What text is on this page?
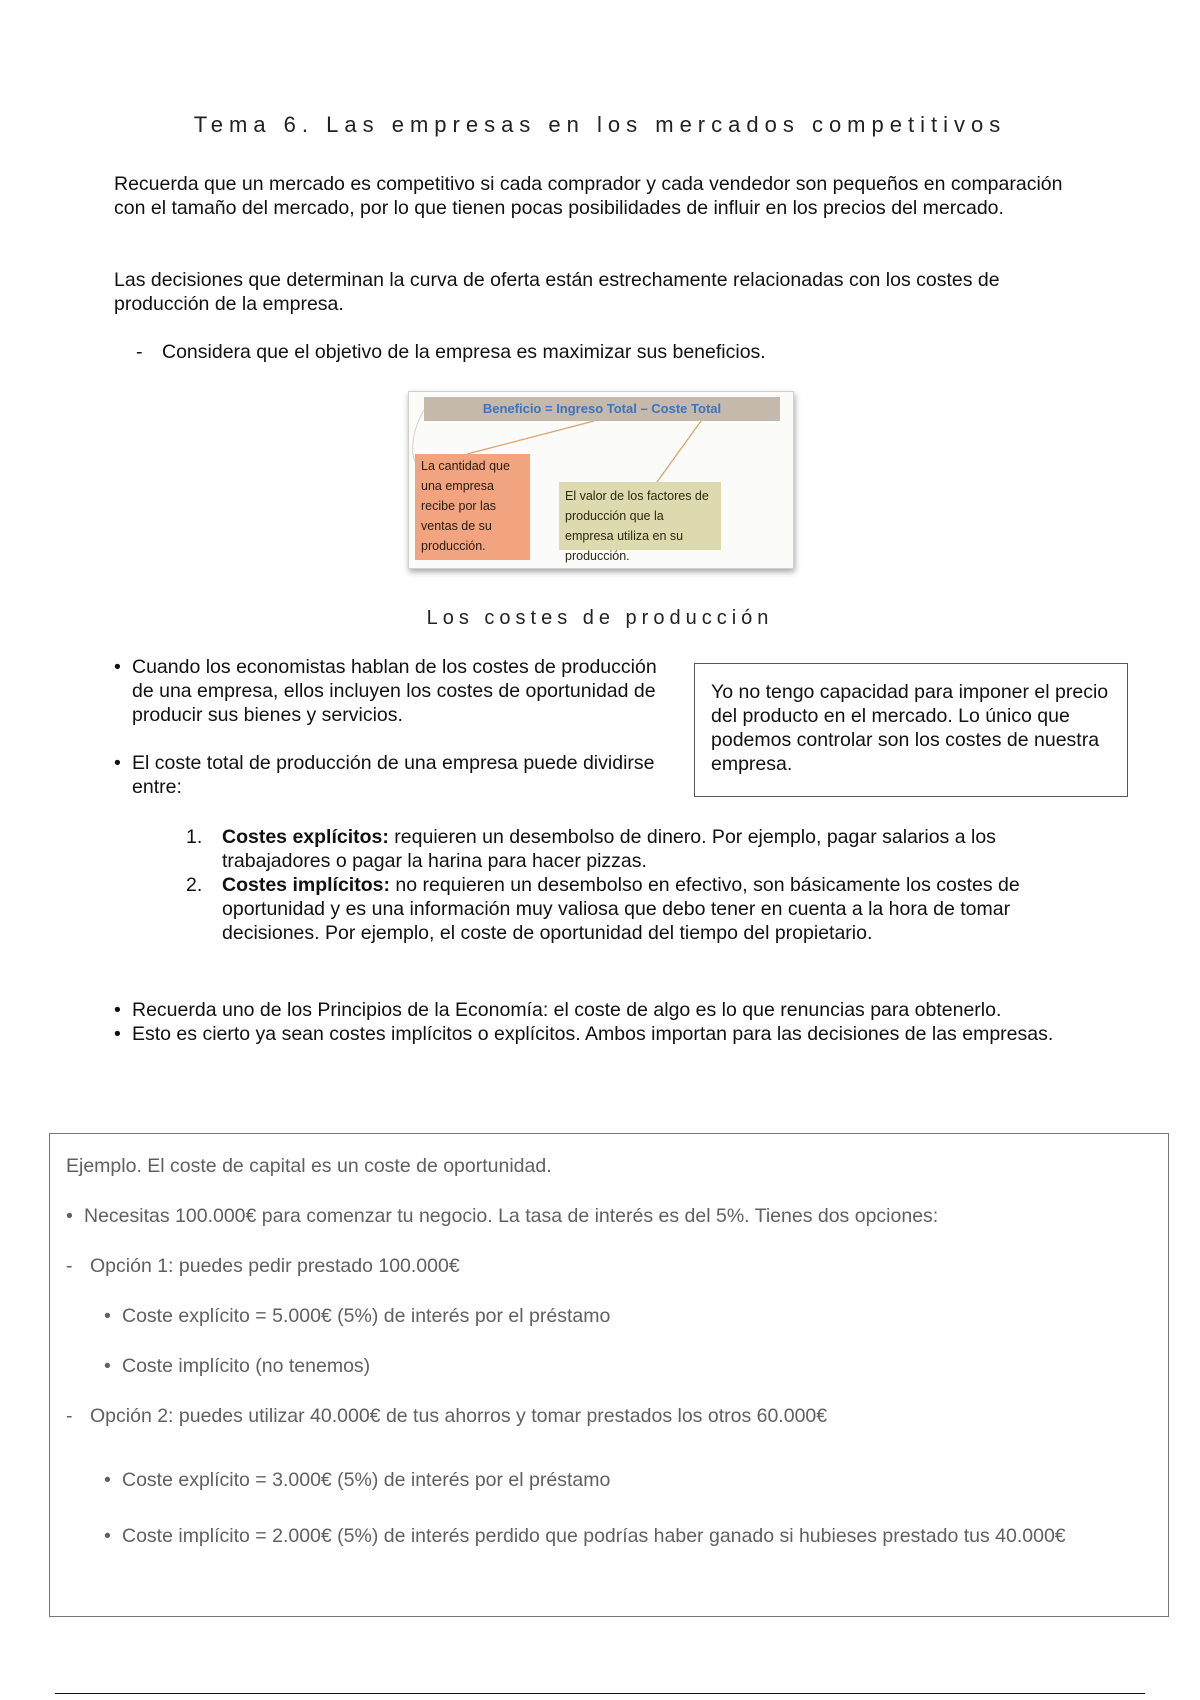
Tema 6. Las empresas en los mercados competitivos
Recuerda que un mercado es competitivo si cada comprador y cada vendedor son pequeños en comparación con el tamaño del mercado, por lo que tienen pocas posibilidades de influir en los precios del mercado.
Las decisiones que determinan la curva de oferta están estrechamente relacionadas con los costes de producción de la empresa.
- Considera que el objetivo de la empresa es maximizar sus beneficios.
Beneficio = Ingreso Total – Coste Total
La cantidad que una empresa recibe por las ventas de su producción.
El valor de los factores de producción que la empresa utiliza en su producción.
Los costes de producción
• Cuando los economistas hablan de los costes de producción de una empresa, ellos incluyen los costes de oportunidad de producir sus bienes y servicios.
• El coste total de producción de una empresa puede dividirse entre:
Yo no tengo capacidad para imponer el precio del producto en el mercado. Lo único que podemos controlar son los costes de nuestra empresa.
1. Costes explícitos: requieren un desembolso de dinero. Por ejemplo, pagar salarios a los trabajadores o pagar la harina para hacer pizzas.
2. Costes implícitos: no requieren un desembolso en efectivo, son básicamente los costes de oportunidad y es una información muy valiosa que debo tener en cuenta a la hora de tomar decisiones. Por ejemplo, el coste de oportunidad del tiempo del propietario.
• Recuerda uno de los Principios de la Economía: el coste de algo es lo que renuncias para obtenerlo.
• Esto es cierto ya sean costes implícitos o explícitos. Ambos importan para las decisiones de las empresas.
Ejemplo. El coste de capital es un coste de oportunidad.
• Necesitas 100.000€ para comenzar tu negocio. La tasa de interés es del 5%. Tienes dos opciones:
- Opción 1: puedes pedir prestado 100.000€
• Coste explícito = 5.000€ (5%) de interés por el préstamo
• Coste implícito (no tenemos)
- Opción 2: puedes utilizar 40.000€ de tus ahorros y tomar prestados los otros 60.000€
• Coste explícito = 3.000€ (5%) de interés por el préstamo
• Coste implícito = 2.000€ (5%) de interés perdido que podrías haber ganado si hubieses prestado tus 40.000€
